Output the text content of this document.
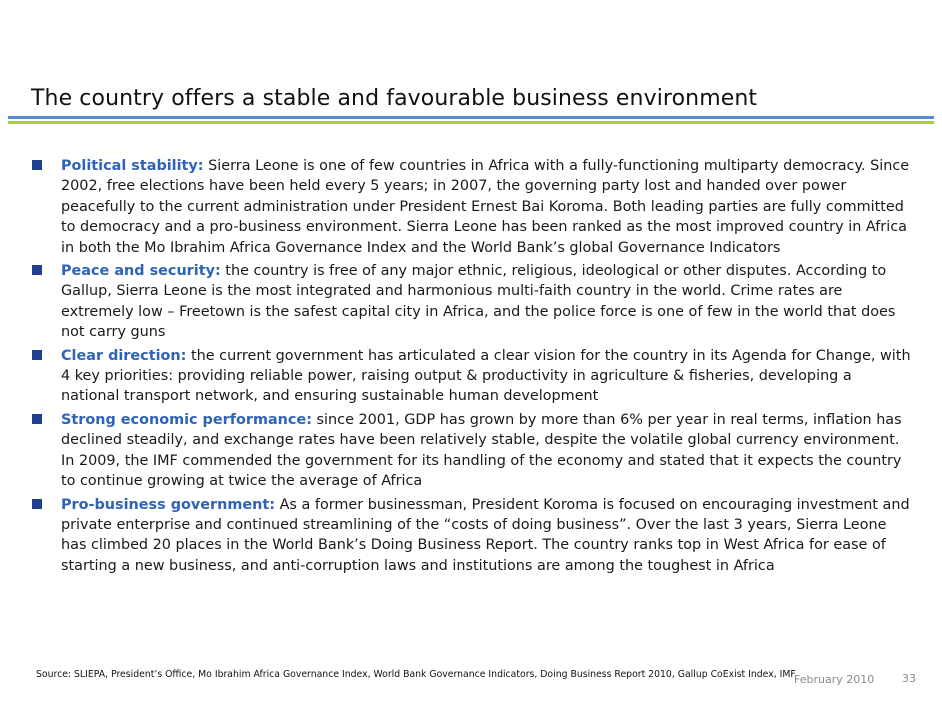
The country offers a stable and favourable business environment
Political stability: Sierra Leone is one of few countries in Africa with a fully-functioning multiparty democracy. Since 2002, free elections have been held every 5 years; in 2007, the governing party lost and handed over power peacefully to the current administration under President Ernest Bai Koroma. Both leading parties are fully committed to democracy and a pro-business environment. Sierra Leone has been ranked as the most improved country in Africa in both the Mo Ibrahim Africa Governance Index and the World Bank’s global Governance Indicators
Peace and security: the country is free of any major ethnic, religious, ideological or other disputes. According to Gallup, Sierra Leone is the most integrated and harmonious multi-faith country in the world. Crime rates are extremely low – Freetown is the safest capital city in Africa, and the police force is one of few in the world that does not carry guns
Clear direction: the current government has articulated a clear vision for the country in its Agenda for Change, with 4 key priorities: providing reliable power, raising output & productivity in agriculture & fisheries, developing a national transport network, and ensuring sustainable human development
Strong economic performance: since 2001, GDP has grown by more than 6% per year in real terms, inflation has declined steadily, and exchange rates have been relatively stable, despite the volatile global currency environment. In 2009, the IMF commended the government for its handling of the economy and stated that it expects the country to continue growing at twice the average of Africa
Pro-business government: As a former businessman, President Koroma is focused on encouraging investment and private enterprise and continued streamlining of the “costs of doing business”. Over the last 3 years, Sierra Leone has climbed 20 places in the World Bank’s Doing Business Report. The country ranks top in West Africa for ease of starting a new business, and anti-corruption laws and institutions are among the toughest in Africa
Source: SLIEPA, President’s Office, Mo Ibrahim Africa Governance Index, World Bank Governance Indicators, Doing Business Report 2010, Gallup CoExist Index, IMF
February 2010	33
